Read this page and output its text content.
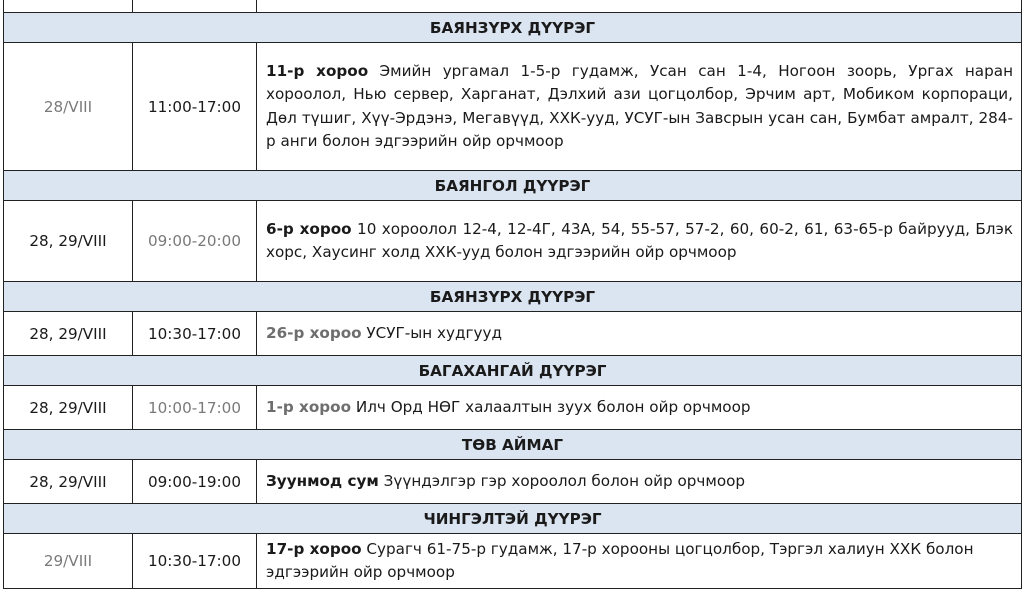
БАЯНЗҮРХ ДҮҮРЭГ		
28/VIII	11:00-17:00	11-р хороо Эмийн ургамал 1-5-р гудамж, Усан сан 1-4, Ногоон зоорь, Ургах наран хороолол, Нью сервер, Харганат, Дэлхий ази цогцолбор, Эрчим арт, Мобиком корпораци, Дөл түшиг, Хүү-Эрдэнэ, Мегавүүд, ХХК-ууд, УСУГ-ын Завсрын усан сан, Бумбат амралт, 284-р анги болон эдгээрийн ойр орчмоор
БАЯНГОЛ ДҮҮРЭГ		
28, 29/VIII	09:00-20:00	6-р хороо 10 хороолол 12-4, 12-4Г, 43А, 54, 55-57, 57-2, 60, 60-2, 61, 63-65-р байрууд, Блэк хорс, Хаусинг холд ХХК-ууд болон эдгээрийн ойр орчмоор
БАЯНЗҮРХ ДҮҮРЭГ		
28, 29/VIII	10:30-17:00	26-р хороо УСУГ-ын худгууд
БАГАХАНГАЙ ДҮҮРЭГ		
28, 29/VIII	10:00-17:00	1-р хороо Илч Орд НӨГ халаалтын зуух болон ойр орчмоор
ТӨВ АЙМАГ		
28, 29/VIII	09:00-19:00	Зуунмод сум Зүүндэлгэр гэр хороолол болон ойр орчмоор
ЧИНГЭЛТЭЙ ДҮҮРЭГ		
29/VIII	10:30-17:00	17-р хороо Сурагч 61-75-р гудамж, 17-р хорооны цогцолбор, Тэргэл халиун ХХК болон эдгээрийн ойр орчмоор
